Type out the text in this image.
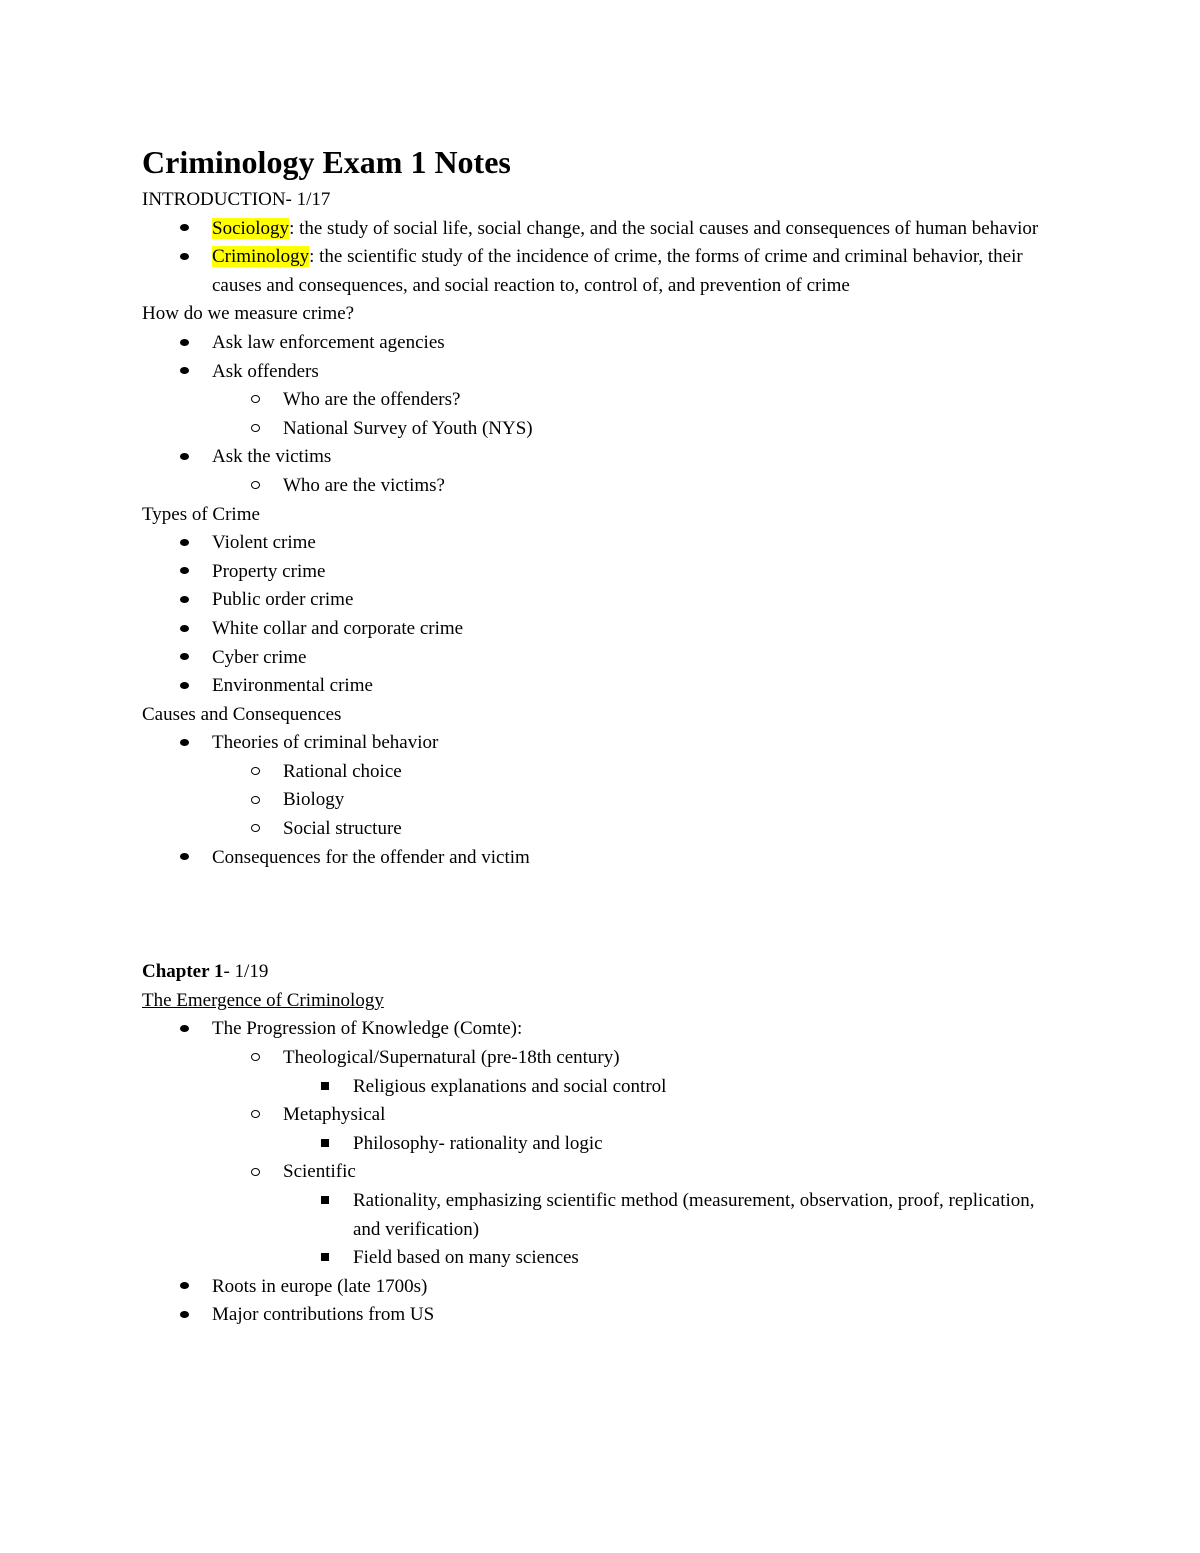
Criminology Exam 1 Notes
INTRODUCTION- 1/17
Sociology: the study of social life, social change, and the social causes and consequences of human behavior
Criminology: the scientific study of the incidence of crime, the forms of crime and criminal behavior, their causes and consequences, and social reaction to, control of, and prevention of crime
How do we measure crime?
Ask law enforcement agencies
Ask offenders
Who are the offenders?
National Survey of Youth (NYS)
Ask the victims
Who are the victims?
Types of Crime
Violent crime
Property crime
Public order crime
White collar and corporate crime
Cyber crime
Environmental crime
Causes and Consequences
Theories of criminal behavior
Rational choice
Biology
Social structure
Consequences for the offender and victim
Chapter 1- 1/19
The Emergence of Criminology
The Progression of Knowledge (Comte):
Theological/Supernatural (pre-18th century)
Religious explanations and social control
Metaphysical
Philosophy- rationality and logic
Scientific
Rationality, emphasizing scientific method (measurement, observation, proof, replication, and verification)
Field based on many sciences
Roots in europe (late 1700s)
Major contributions from US
